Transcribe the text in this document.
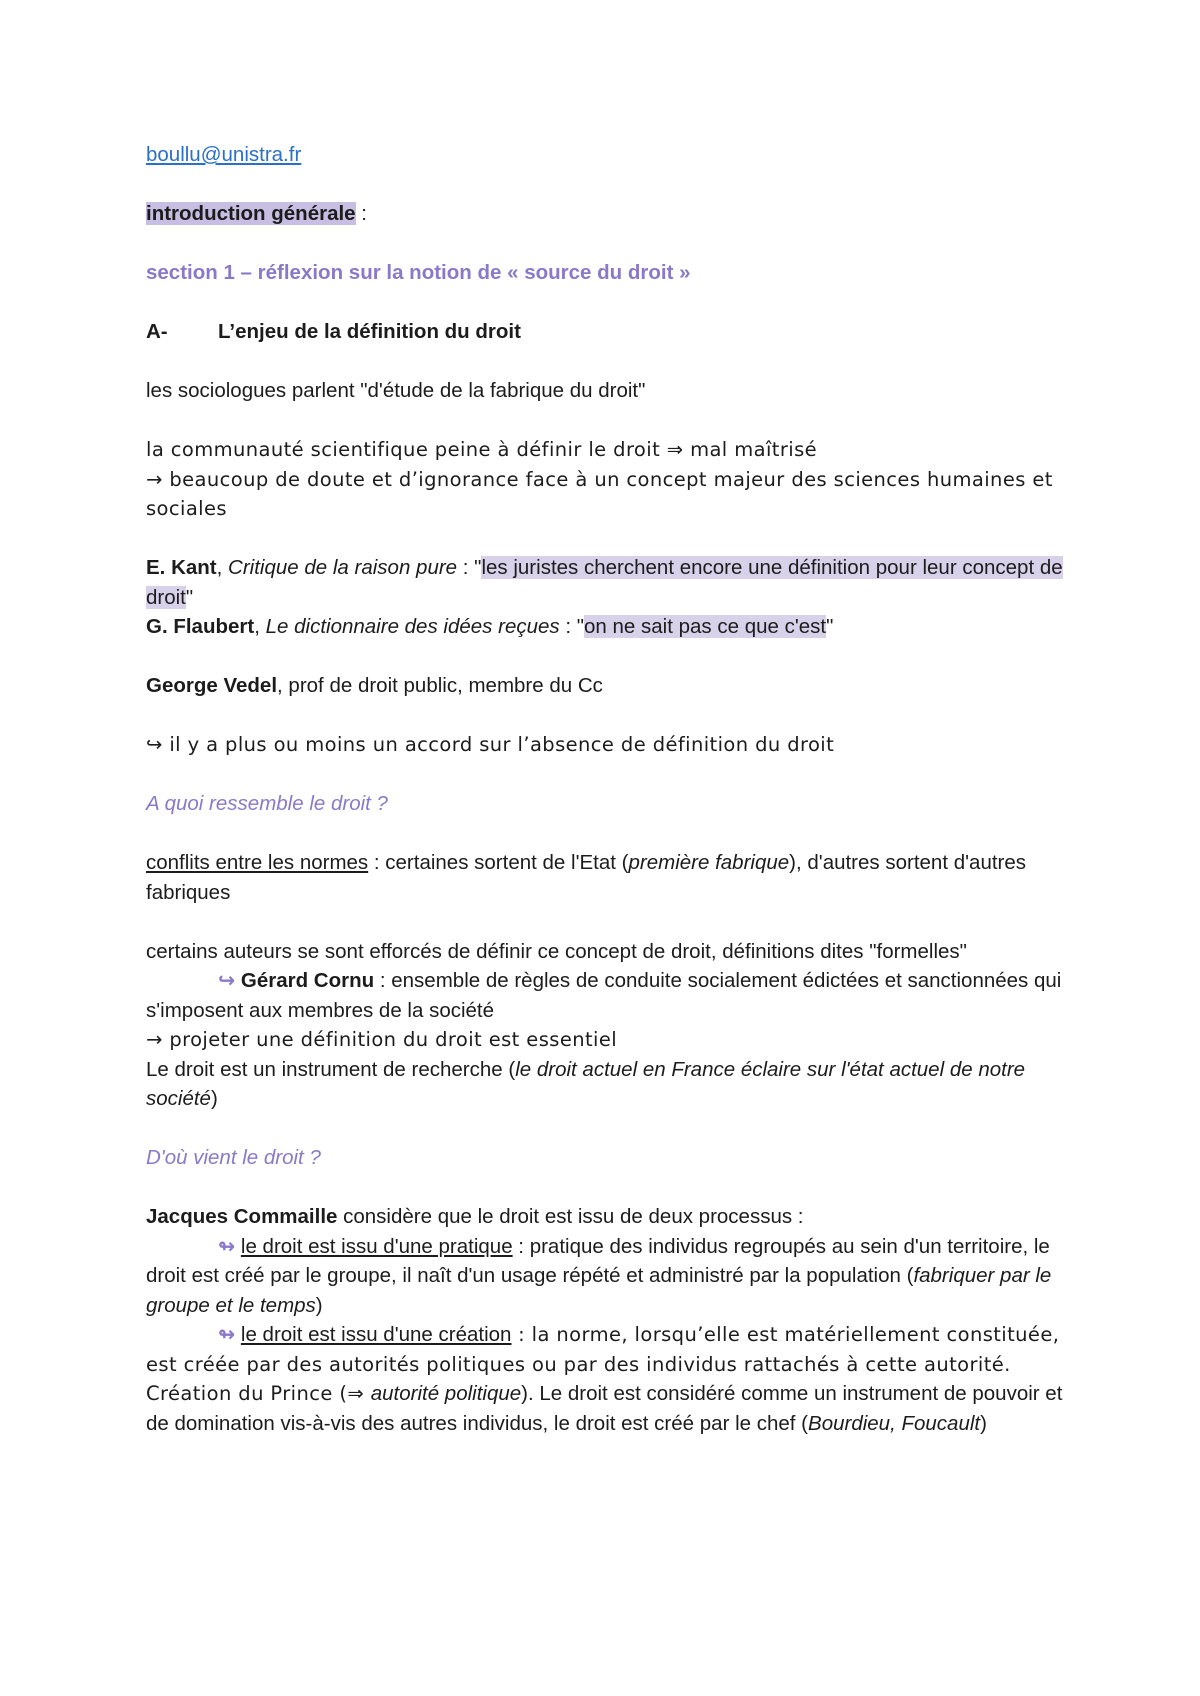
boullu@unistra.fr

introduction générale :

section 1 – réflexion sur la notion de « source du droit »

A- L’enjeu de la définition du droit

les sociologues parlent "d'étude de la fabrique du droit"

la communauté scientifique peine à définir le droit ⇒ mal maîtrisé

→ beaucoup de doute et d’ignorance face à un concept majeur des sciences humaines et sociales

E. Kant, Critique de la raison pure : "les juristes cherchent encore une définition pour leur concept de droit"

G. Flaubert, Le dictionnaire des idées reçues : "on ne sait pas ce que c'est"

George Vedel, prof de droit public, membre du Cc

↪ il y a plus ou moins un accord sur l’absence de définition du droit

A quoi ressemble le droit ?

conflits entre les normes : certaines sortent de l'Etat (première fabrique), d'autres sortent d'autres fabriques

certains auteurs se sont efforcés de définir ce concept de droit, définitions dites "formelles"

↪ Gérard Cornu : ensemble de règles de conduite socialement édictées et sanctionnées qui s'imposent aux membres de la société

→ projeter une définition du droit est essentiel

Le droit est un instrument de recherche (le droit actuel en France éclaire sur l'état actuel de notre société)

D'où vient le droit ?

Jacques Commaille considère que le droit est issu de deux processus :

↬ le droit est issu d'une pratique : pratique des individus regroupés au sein d'un territoire, le droit est créé par le groupe, il naît d'un usage répété et administré par la population (fabriquer par le groupe et le temps)

↬ le droit est issu d'une création : la norme, lorsqu’elle est matériellement constituée, est créée par des autorités politiques ou par des individus rattachés à cette autorité. Création du Prince (⇒ autorité politique). Le droit est considéré comme un instrument de pouvoir et de domination vis-à-vis des autres individus, le droit est créé par le chef (Bourdieu, Foucault)
